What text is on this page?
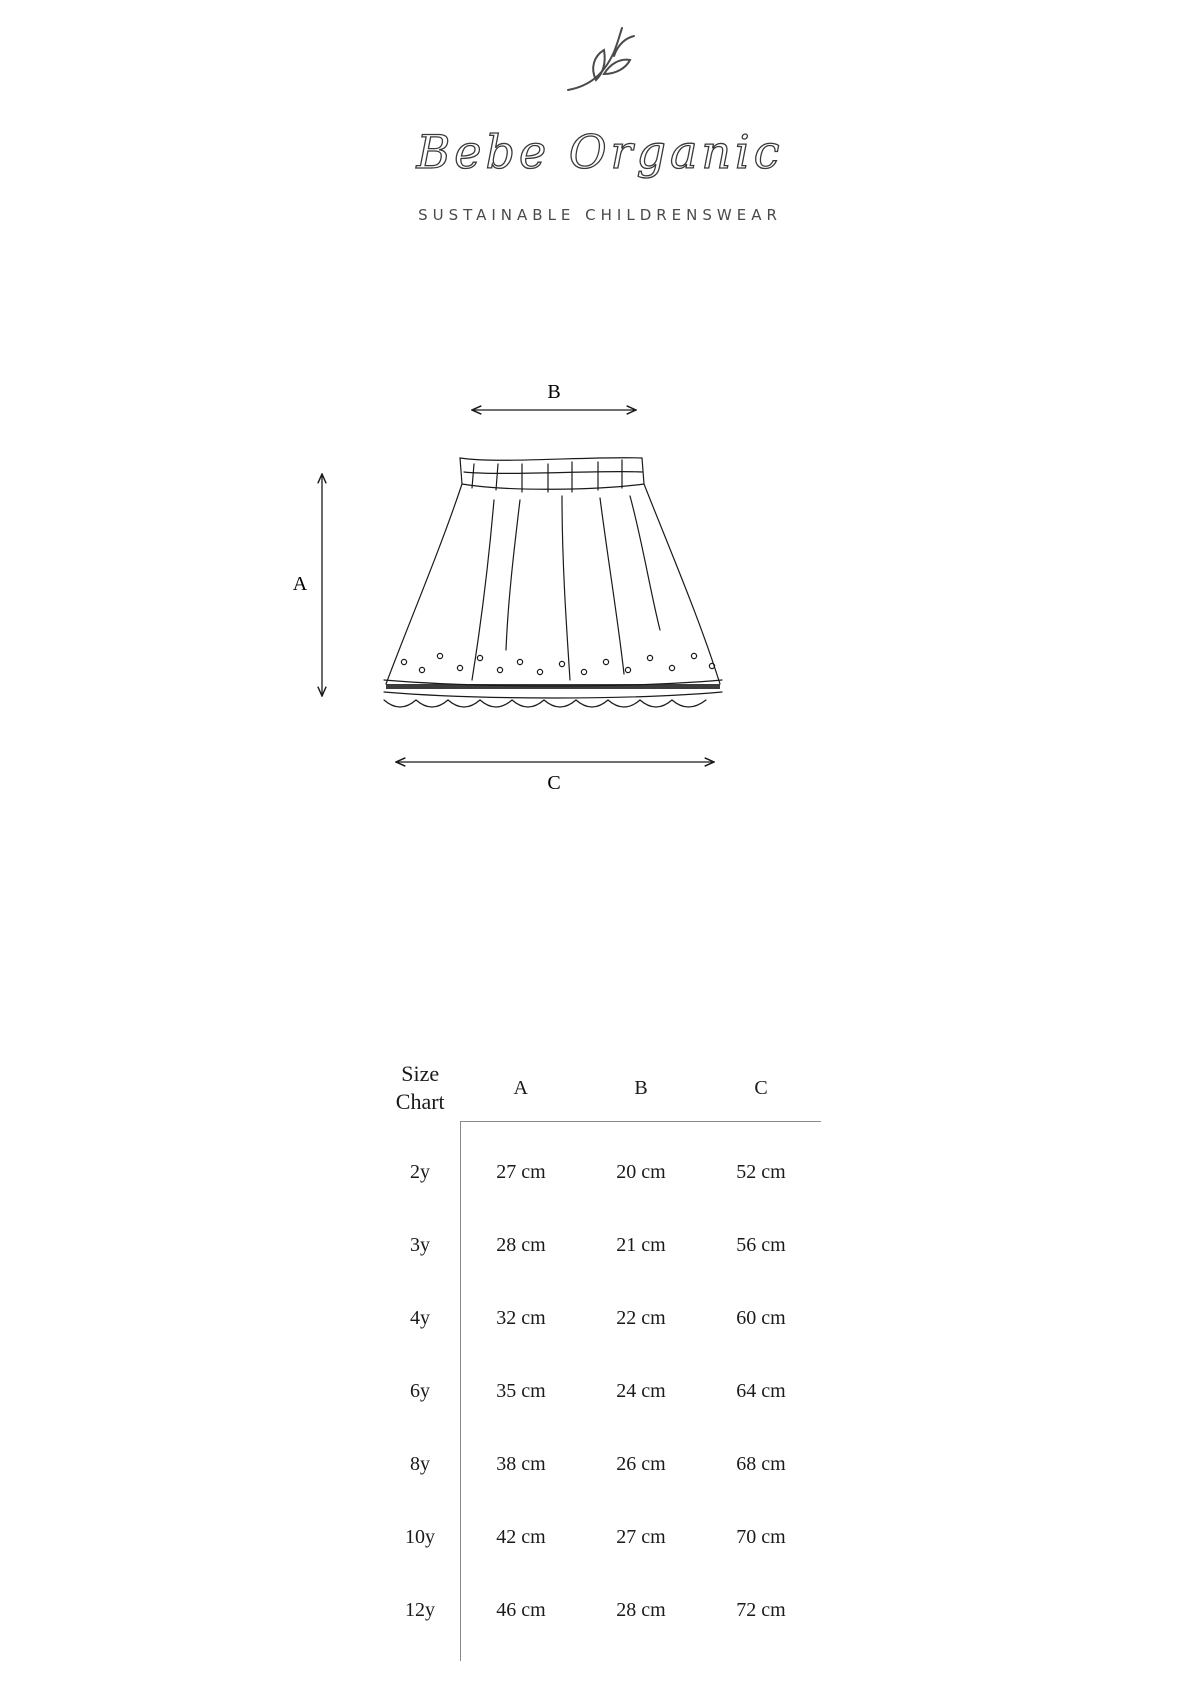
Bebe Organic
SUSTAINABLE CHILDRENSWEAR
B
A
C
Size
Chart	A	B	C
2y	27 cm	20 cm	52 cm
3y	28 cm	21 cm	56 cm
4y	32 cm	22 cm	60 cm
6y	35 cm	24 cm	64 cm
8y	38 cm	26 cm	68 cm
10y	42 cm	27 cm	70 cm
12y	46 cm	28 cm	72 cm
